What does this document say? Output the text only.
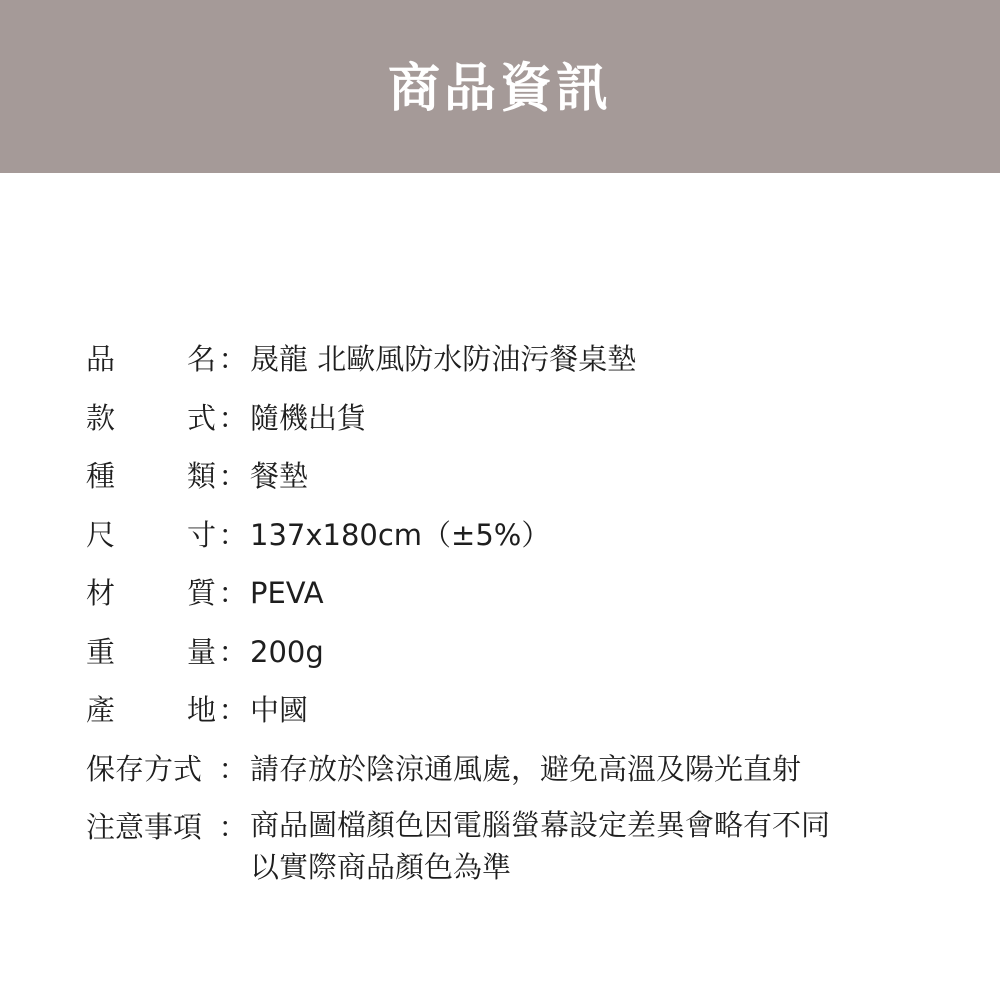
商品資訊
品 名 ： 晟龍 北歐風防水防油污餐桌墊
款 式 ： 隨機出貨
種 類 ： 餐墊
尺 寸 ： 137x180cm（±5%）
材 質 ： PEVA
重 量 ： 200g
產 地 ： 中國
保存方式 ： 請存放於陰涼通風處，避免高溫及陽光直射
注意事項 ： 商品圖檔顏色因電腦螢幕設定差異會略有不同
以實際商品顏色為準
